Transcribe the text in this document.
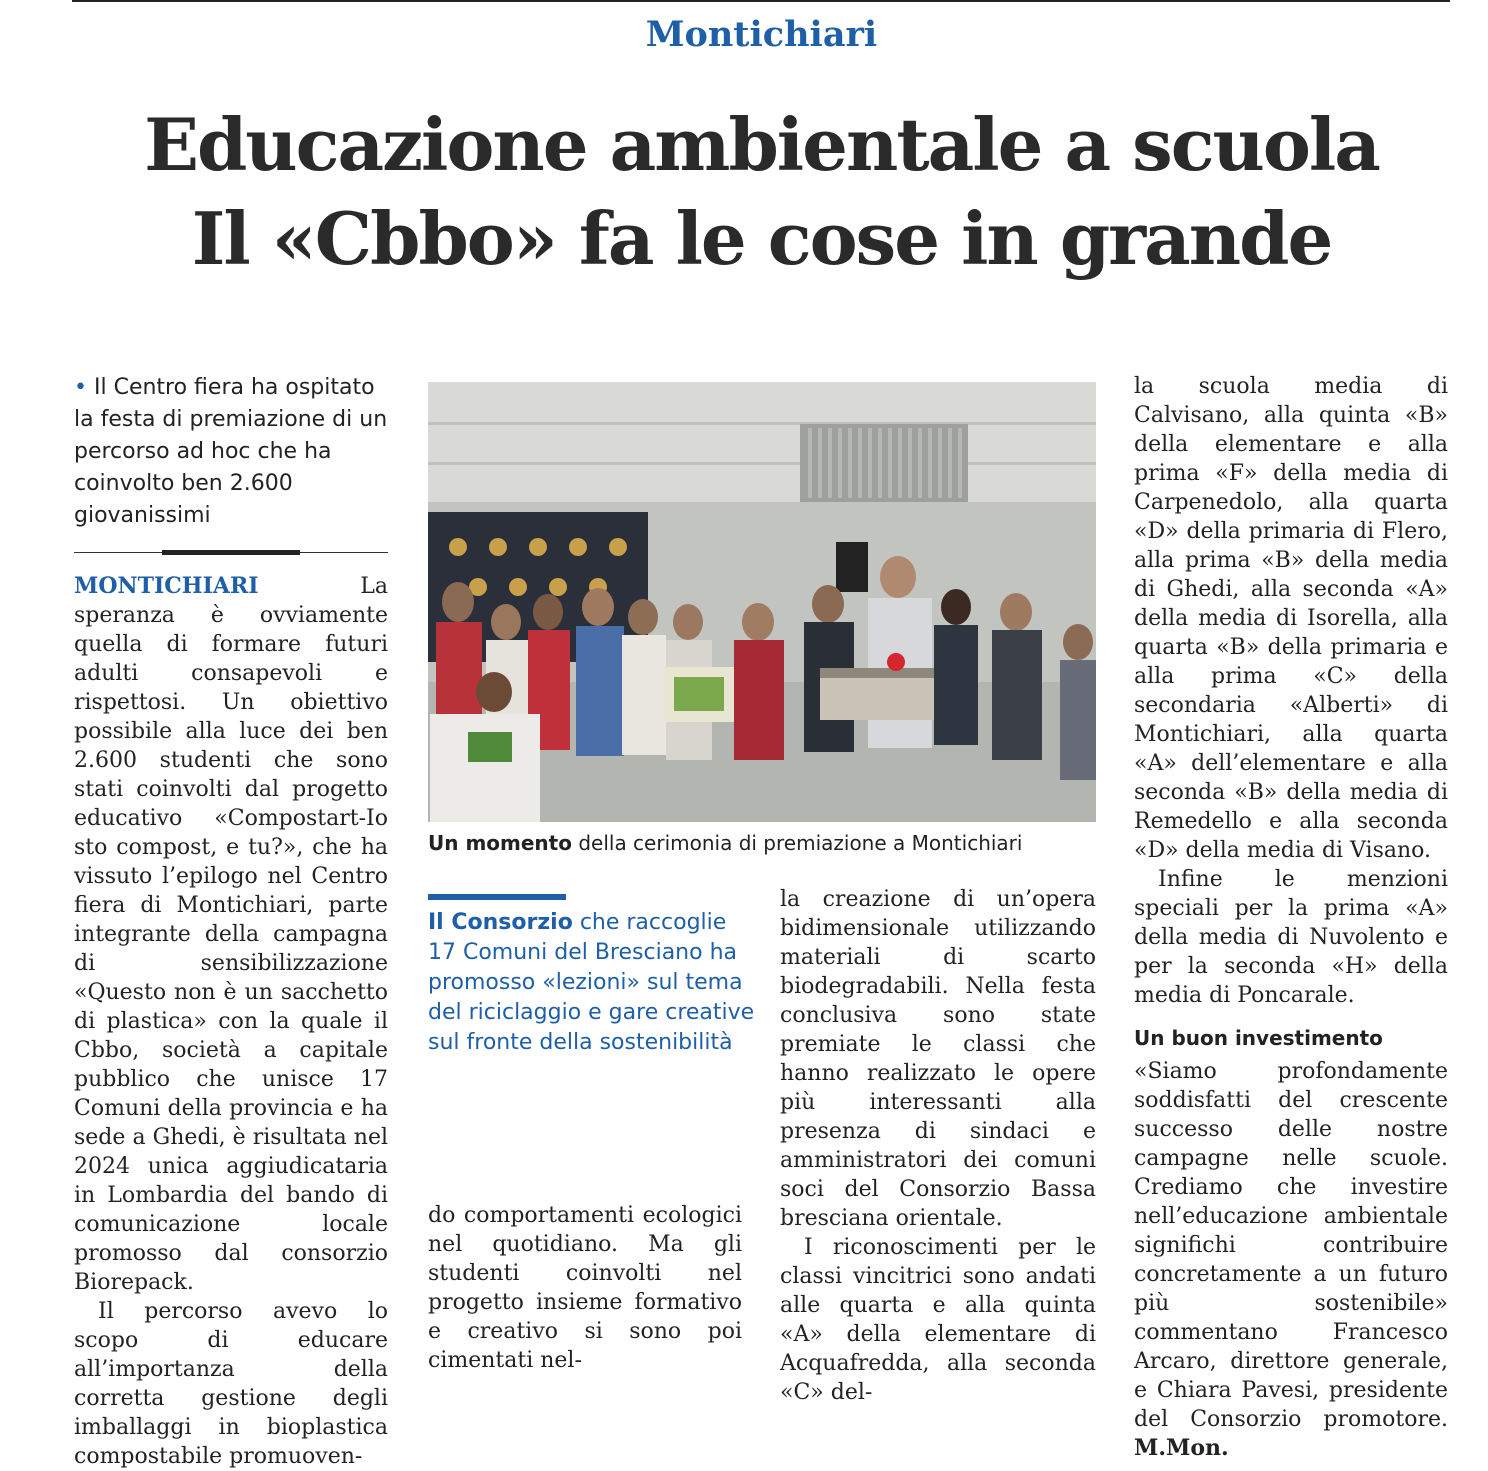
Montichiari
Educazione ambientale a scuola
Il «Cbbo» fa le cose in grande
• Il Centro fiera ha ospitato la festa di premiazione di un percorso ad hoc che ha coinvolto ben 2.600 giovanissimi

MONTICHIARI	La speranza è ovviamente quella di formare futuri adulti consapevoli e rispettosi. Un obiettivo possibile alla luce dei ben 2.600 studenti che sono stati coinvolti dal progetto educativo «Compostart-Io sto compost, e tu?», che ha vissuto l’epilogo nel Centro fiera di Montichiari, parte integrante della campagna di sensibilizzazione «Questo non è un sacchetto di plastica» con la quale il Cbbo, società a capitale pubblico che unisce 17 Comuni della provincia e ha sede a Ghedi, è risultata nel 2024 unica aggiudicataria in Lombardia del bando di comunicazione locale promosso dal consorzio Biorepack.

Il percorso avevo lo scopo di educare all’importanza della corretta gestione degli imballaggi in bioplastica compostabile promuoven-

Un momento della cerimonia di premiazione a Montichiari
Il Consorzio che raccoglie 17 Comuni del Bresciano ha promosso «lezioni» sul tema del riciclaggio e gare creative sul fronte della sostenibilità

do comportamenti ecologici nel quotidiano. Ma gli studenti coinvolti nel progetto insieme formativo e creativo si sono poi cimentati nel-

la creazione di un’opera bidimensionale utilizzando materiali di scarto biodegradabili. Nella festa conclusiva sono state premiate le classi che hanno realizzato le opere più interessanti alla presenza di sindaci e amministratori dei comuni soci del Consorzio Bassa bresciana orientale.

I riconoscimenti per le classi vincitrici sono andati alle quarta e alla quinta «A» della elementare di Acquafredda, alla seconda «C» del-

la scuola media di Calvisano, alla quinta «B» della elementare e alla prima «F» della media di Carpenedolo, alla quarta «D» della primaria di Flero, alla prima «B» della media di Ghedi, alla seconda «A» della media di Isorella, alla quarta «B» della primaria e alla prima «C» della secondaria «Alberti» di Montichiari, alla quarta «A» dell’elementare e alla seconda «B» della media di Remedello e alla seconda «D» della media di Visano.

Infine le menzioni speciali per la prima «A» della media di Nuvolento e per la seconda «H» della media di Poncarale.

Un buon investimento

«Siamo profondamente soddisfatti del crescente successo delle nostre campagne nelle scuole. Crediamo che investire nell’educazione ambientale significhi contribuire concretamente a un futuro più sostenibile» commentano Francesco Arcaro, direttore generale, e Chiara Pavesi, presidente del Consorzio promotore. M.Mon.
